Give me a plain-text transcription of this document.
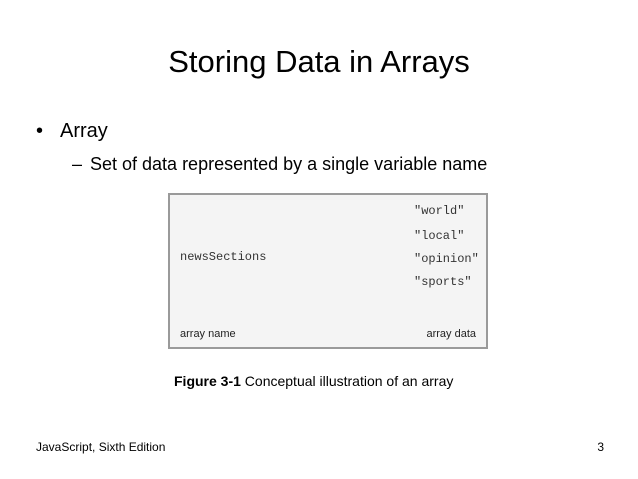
Storing Data in Arrays
• Array
– Set of data represented by a single variable name
newsSections
"world"
"local"
"opinion"
"sports"
array name	array data
Figure 3-1 Conceptual illustration of an array
JavaScript, Sixth Edition	3
